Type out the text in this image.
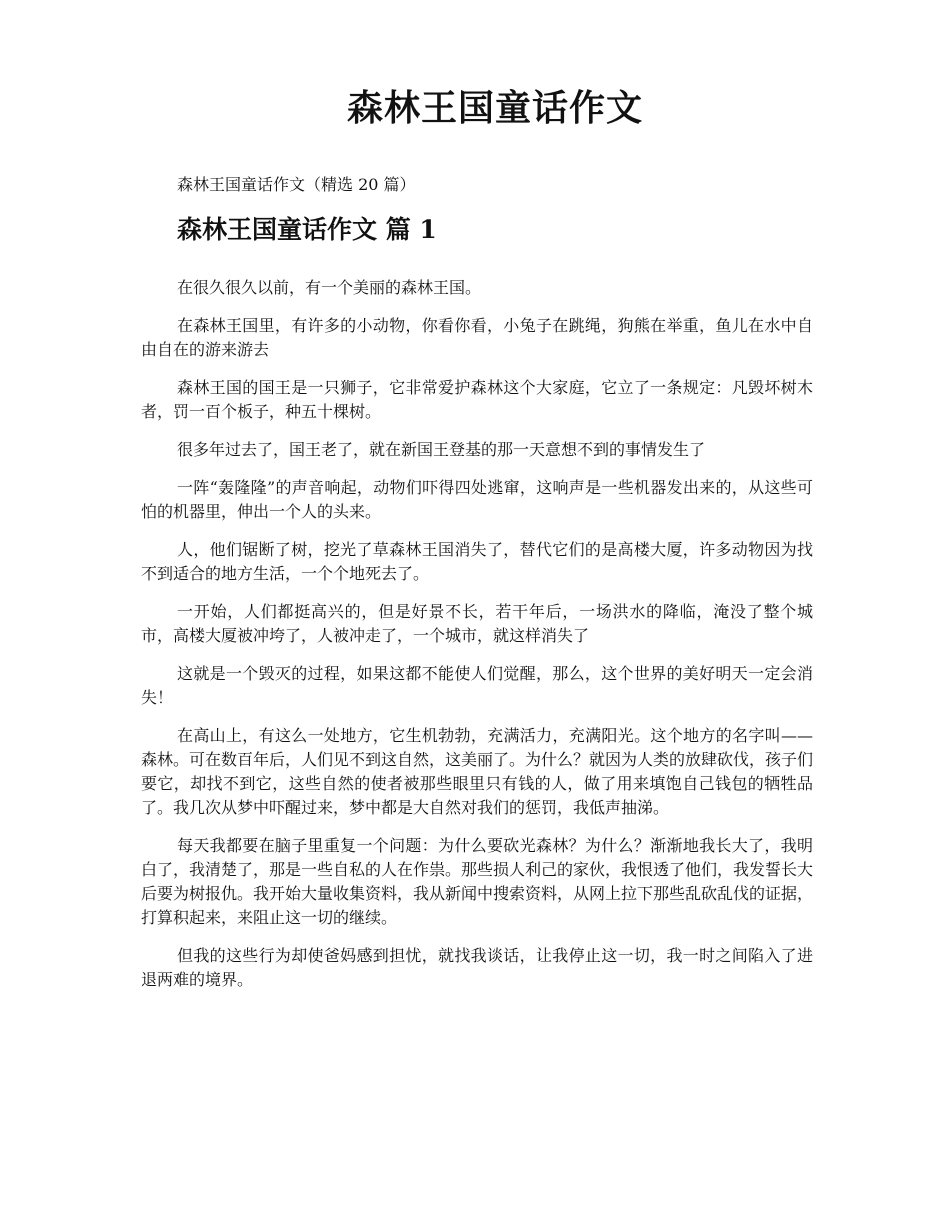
森林王国童话作文

森林王国童话作文（精选 20 篇）

森林王国童话作文 篇 1

在很久很久以前，有一个美丽的森林王国。

在森林王国里，有许多的小动物，你看你看，小兔子在跳绳，狗熊在举重，鱼儿在水中自由自在的游来游去

森林王国的国王是一只狮子，它非常爱护森林这个大家庭，它立了一条规定：凡毁坏树木者，罚一百个板子，种五十棵树。

很多年过去了，国王老了，就在新国王登基的那一天意想不到的事情发生了

一阵“轰隆隆”的声音响起，动物们吓得四处逃窜，这响声是一些机器发出来的，从这些可怕的机器里，伸出一个人的头来。

人，他们锯断了树，挖光了草森林王国消失了，替代它们的是高楼大厦，许多动物因为找不到适合的地方生活，一个个地死去了。

一开始，人们都挺高兴的，但是好景不长，若干年后，一场洪水的降临，淹没了整个城市，高楼大厦被冲垮了，人被冲走了，一个城市，就这样消失了

这就是一个毁灭的过程，如果这都不能使人们觉醒，那么，这个世界的美好明天一定会消失！

在高山上，有这么一处地方，它生机勃勃，充满活力，充满阳光。这个地方的名字叫——森林。可在数百年后，人们见不到这自然，这美丽了。为什么？就因为人类的放肆砍伐，孩子们要它，却找不到它，这些自然的使者被那些眼里只有钱的人，做了用来填饱自己钱包的牺牲品了。我几次从梦中吓醒过来，梦中都是大自然对我们的惩罚，我低声抽涕。

每天我都要在脑子里重复一个问题：为什么要砍光森林？为什么？渐渐地我长大了，我明白了，我清楚了，那是一些自私的人在作祟。那些损人利己的家伙，我恨透了他们，我发誓长大后要为树报仇。我开始大量收集资料，我从新闻中搜索资料，从网上拉下那些乱砍乱伐的证据，打算积起来，来阻止这一切的继续。

但我的这些行为却使爸妈感到担忧，就找我谈话，让我停止这一切，我一时之间陷入了进退两难的境界。
